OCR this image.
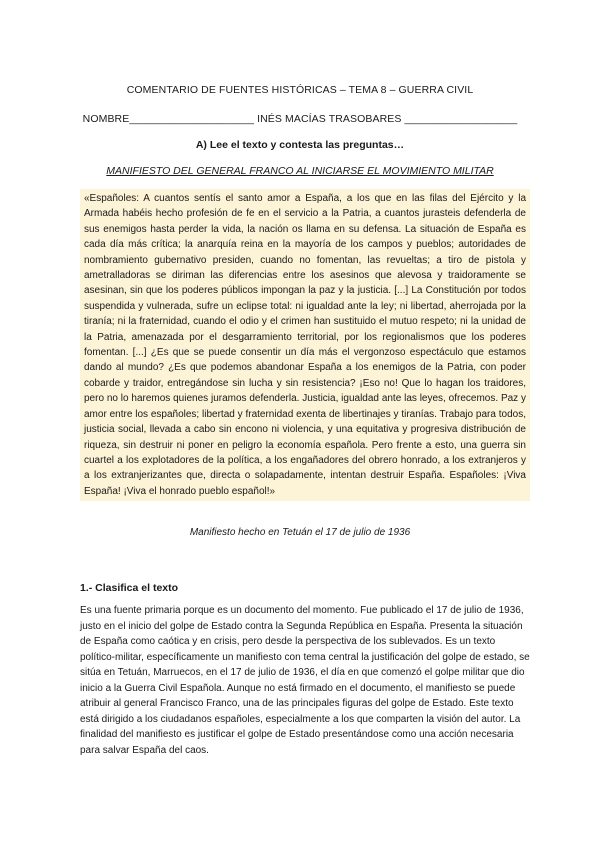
COMENTARIO DE FUENTES HISTÓRICAS – TEMA 8 – GUERRA CIVIL
NOMBRE_____________________ INÉS MACÍAS TRASOBARES ___________________
A) Lee el texto y contesta las preguntas…
MANIFIESTO DEL GENERAL FRANCO AL INICIARSE EL MOVIMIENTO MILITAR
«Españoles: A cuantos sentís el santo amor a España, a los que en las filas del Ejército y la Armada habéis hecho profesión de fe en el servicio a la Patria, a cuantos jurasteis defenderla de sus enemigos hasta perder la vida, la nación os llama en su defensa. La situación de España es cada día más crítica; la anarquía reina en la mayoría de los campos y pueblos; autoridades de nombramiento gubernativo presiden, cuando no fomentan, las revueltas; a tiro de pistola y ametralladoras se diriman las diferencias entre los asesinos que alevosa y traidoramente se asesinan, sin que los poderes públicos impongan la paz y la justicia. [...] La Constitución por todos suspendida y vulnerada, sufre un eclipse total: ni igualdad ante la ley; ni libertad, aherrojada por la tiranía; ni la fraternidad, cuando el odio y el crimen han sustituido el mutuo respeto; ni la unidad de la Patria, amenazada por el desgarramiento territorial, por los regionalismos que los poderes fomentan. [...] ¿Es que se puede consentir un día más el vergonzoso espectáculo que estamos dando al mundo? ¿Es que podemos abandonar España a los enemigos de la Patria, con poder cobarde y traidor, entregándose sin lucha y sin resistencia? ¡Eso no! Que lo hagan los traidores, pero no lo haremos quienes juramos defenderla. Justicia, igualdad ante las leyes, ofrecemos. Paz y amor entre los españoles; libertad y fraternidad exenta de libertinajes y tiranías. Trabajo para todos, justicia social, llevada a cabo sin encono ni violencia, y una equitativa y progresiva distribución de riqueza, sin destruir ni poner en peligro la economía española. Pero frente a esto, una guerra sin cuartel a los explotadores de la política, a los engañadores del obrero honrado, a los extranjeros y a los extranjerizantes que, directa o solapadamente, intentan destruir España. Españoles: ¡Viva España! ¡Viva el honrado pueblo español!»
Manifiesto hecho en Tetuán el 17 de julio de 1936
1.- Clasifica el texto
Es una fuente primaria porque es un documento del momento. Fue publicado el 17 de julio de 1936, justo en el inicio del golpe de Estado contra la Segunda República en España. Presenta la situación de España como caótica y en crisis, pero desde la perspectiva de los sublevados. Es un texto político-militar, específicamente un manifiesto con tema central la justificación del golpe de estado, se sitúa en Tetuán, Marruecos, en el 17 de julio de 1936, el día en que comenzó el golpe militar que dio inicio a la Guerra Civil Española. Aunque no está firmado en el documento, el manifiesto se puede atribuir al general Francisco Franco, una de las principales figuras del golpe de Estado. Este texto está dirigido a los ciudadanos españoles, especialmente a los que comparten la visión del autor. La finalidad del manifiesto es justificar el golpe de Estado presentándose como una acción necesaria para salvar España del caos.
